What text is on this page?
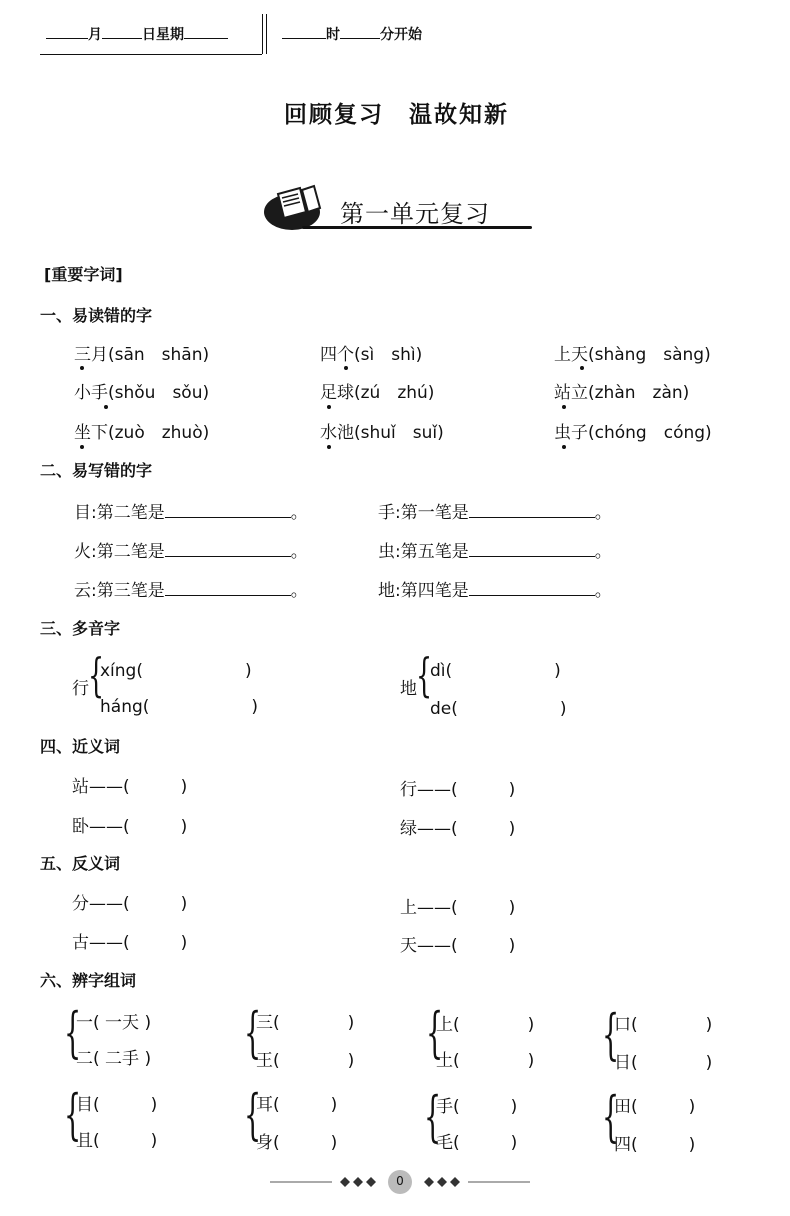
月	日星期	时	分开始
回顾复习　温故知新
第一单元复习
[重要字词]
一、易读错的字
三月(sān　shān)	四个(sì　shì)	上天(shàng　sàng)
小手(shǒu　sǒu)	足球(zú　zhú)	站立(zhàn　zàn)
坐下(zuò　zhuò)	水池(shuǐ　suǐ)	虫子(chóng　cóng)
二、易写错的字
目:第二笔是	。	手:第一笔是	。
火:第二笔是	。	虫:第五笔是	。
云:第三笔是	。	地:第四笔是	。
三、多音字
行 {
xíng(　　　　　　)
háng(　　　　　　)
地 {
dì(　　　　　　)
de(　　　　　　)
四、近义词
站——(　　　)	行——(　　　)
卧——(　　　)	绿——(　　　)
五、反义词
分——(　　　)	上——(　　　)
古——(　　　)	天——(　　　)
六、辨字组词
{
一( 一天 )
二( 二手 ) {
三(　　　　)
王(　　　　) {
上(　　　　)
土(　　　　) {
口(　　　　)
日(　　　　)
{
目(　　　)
且(　　　) {
耳(　　　)
身(　　　) {
手(　　　)
毛(　　　) {
田(　　　)
四(　　　)
0
